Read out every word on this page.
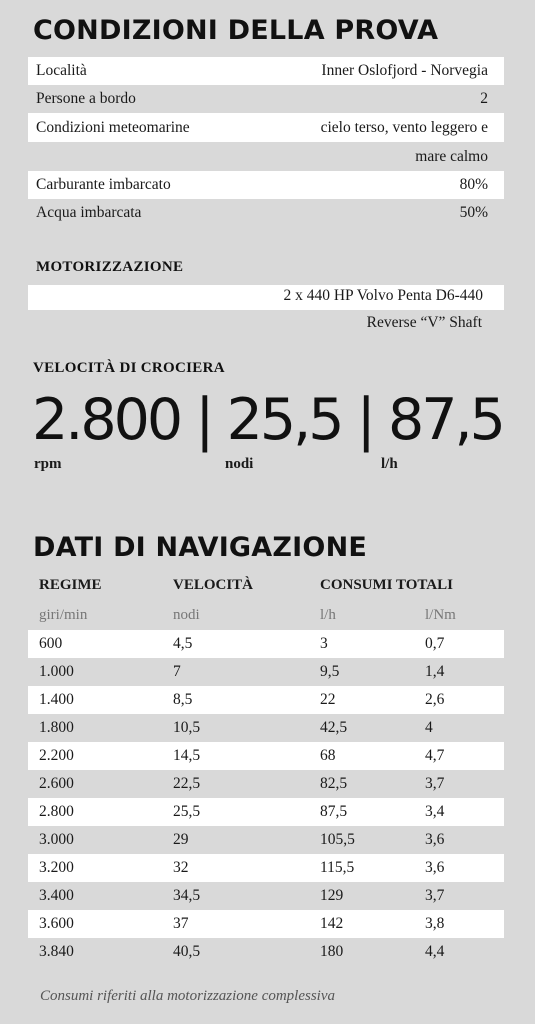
CONDIZIONI DELLA PROVA
Località	Inner Oslofjord - Norvegia
Persone a bordo	2
Condizioni meteomarine	cielo terso, vento leggero e
mare calmo
Carburante imbarcato	80%
Acqua imbarcata	50%
MOTORIZZAZIONE
2 x 440 HP Volvo Penta D6-440
Reverse “V” Shaft
VELOCITÀ DI CROCIERA
2.800 | 25,5 | 87,5
rpm	nodi	l/h
DATI DI NAVIGAZIONE
REGIME	VELOCITÀ	CONSUMI TOTALI
giri/min	nodi	l/h	l/Nm
600	4,5	3	0,7
1.000	7	9,5	1,4
1.400	8,5	22	2,6
1.800	10,5	42,5	4
2.200	14,5	68	4,7
2.600	22,5	82,5	3,7
2.800	25,5	87,5	3,4
3.000	29	105,5	3,6
3.200	32	115,5	3,6
3.400	34,5	129	3,7
3.600	37	142	3,8
3.840	40,5	180	4,4
Consumi riferiti alla motorizzazione complessiva
